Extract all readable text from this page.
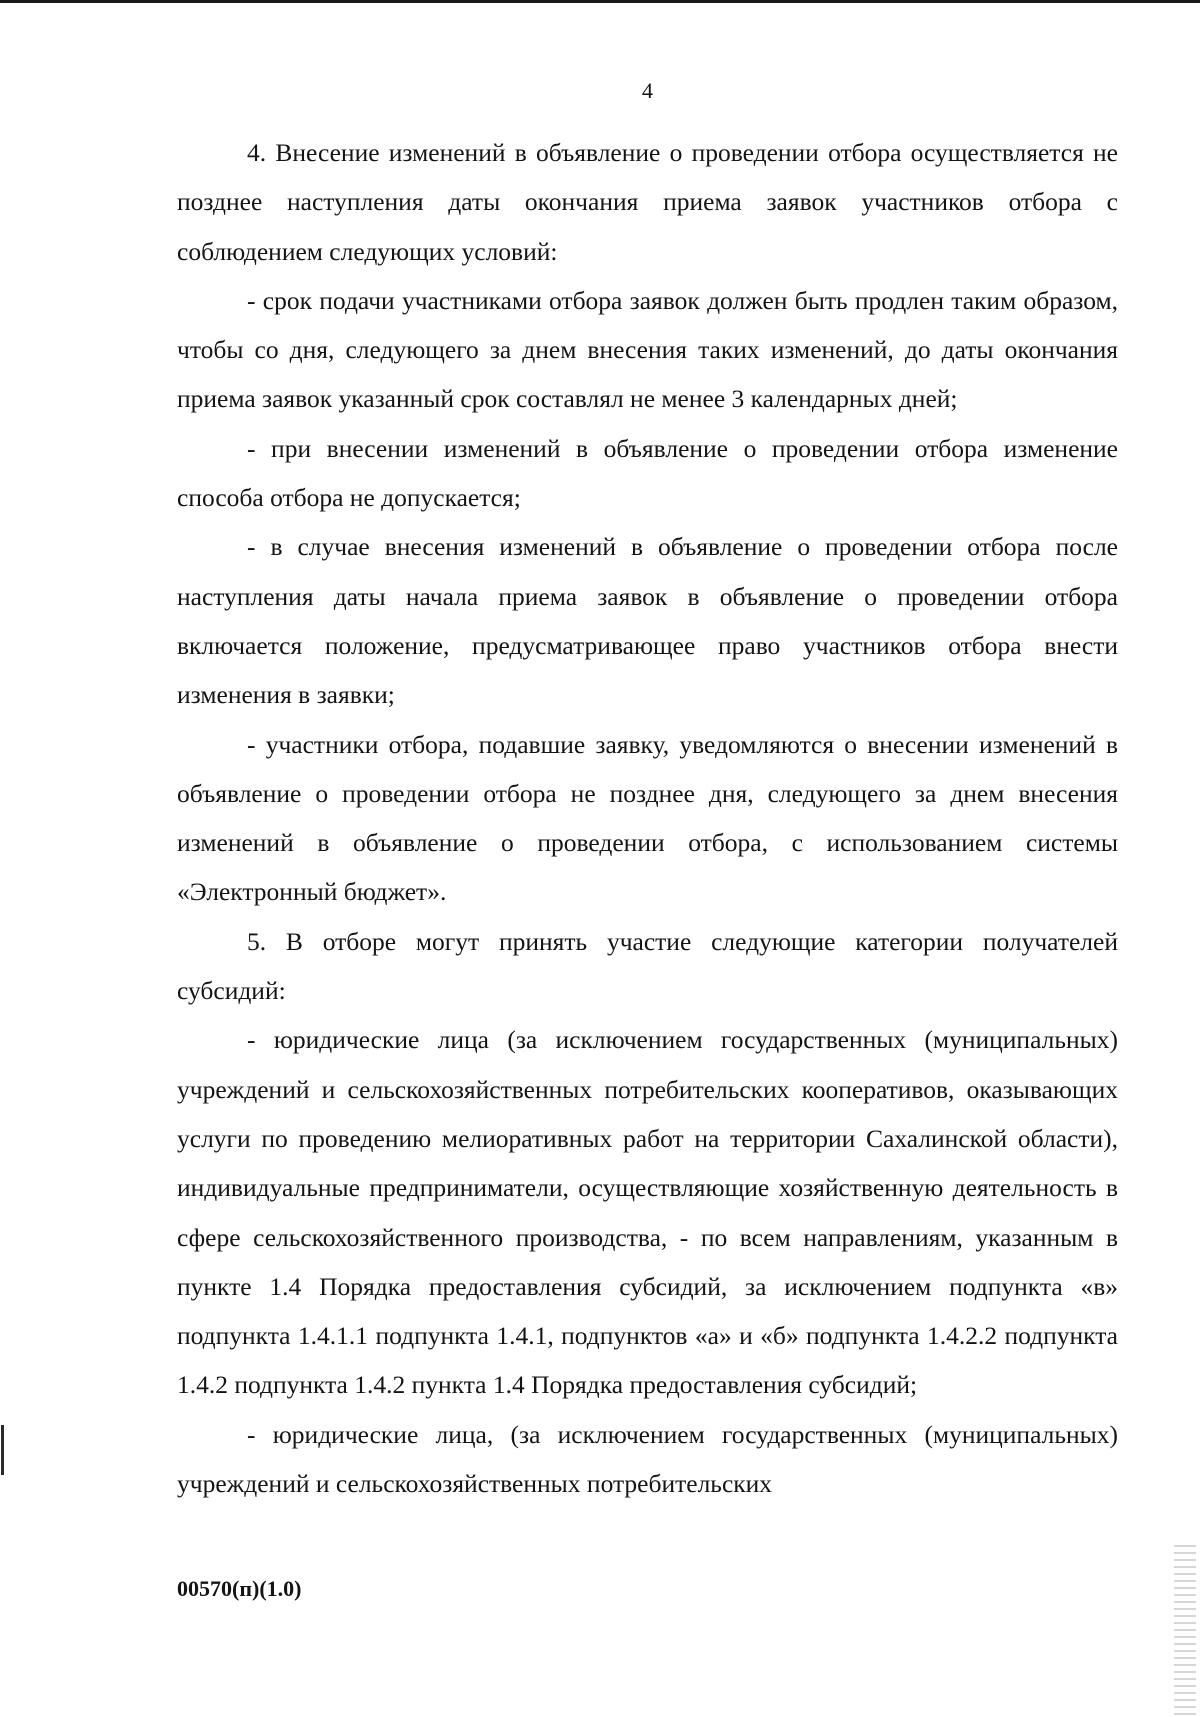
4

4. Внесение изменений в объявление о проведении отбора осуществляется не позднее наступления даты окончания приема заявок участников отбора с соблюдением следующих условий:

- срок подачи участниками отбора заявок должен быть продлен таким образом, чтобы со дня, следующего за днем внесения таких изменений, до даты окончания приема заявок указанный срок составлял не менее 3 календарных дней;

- при внесении изменений в объявление о проведении отбора изменение способа отбора не допускается;

- в случае внесения изменений в объявление о проведении отбора после наступления даты начала приема заявок в объявление о проведении отбора включается положение, предусматривающее право участников отбора внести изменения в заявки;

- участники отбора, подавшие заявку, уведомляются о внесении изменений в объявление о проведении отбора не позднее дня, следующего за днем внесения изменений в объявление о проведении отбора, с использованием системы «Электронный бюджет».

5. В отборе могут принять участие следующие категории получателей субсидий:

- юридические лица (за исключением государственных (муниципальных) учреждений и сельскохозяйственных потребительских кооперативов, оказывающих услуги по проведению мелиоративных работ на территории Сахалинской области), индивидуальные предприниматели, осуществляющие хозяйственную деятельность в сфере сельскохозяйственного производства, - по всем направлениям, указанным в пункте 1.4 Порядка предоставления субсидий, за исключением подпункта «в» подпункта 1.4.1.1 подпункта 1.4.1, подпунктов «а» и «б» подпункта 1.4.2.2 подпункта 1.4.2 подпункта 1.4.2 пункта 1.4 Порядка предоставления субсидий;

- юридические лица, (за исключением государственных (муниципальных) учреждений и сельскохозяйственных потребительских

00570(п)(1.0)
